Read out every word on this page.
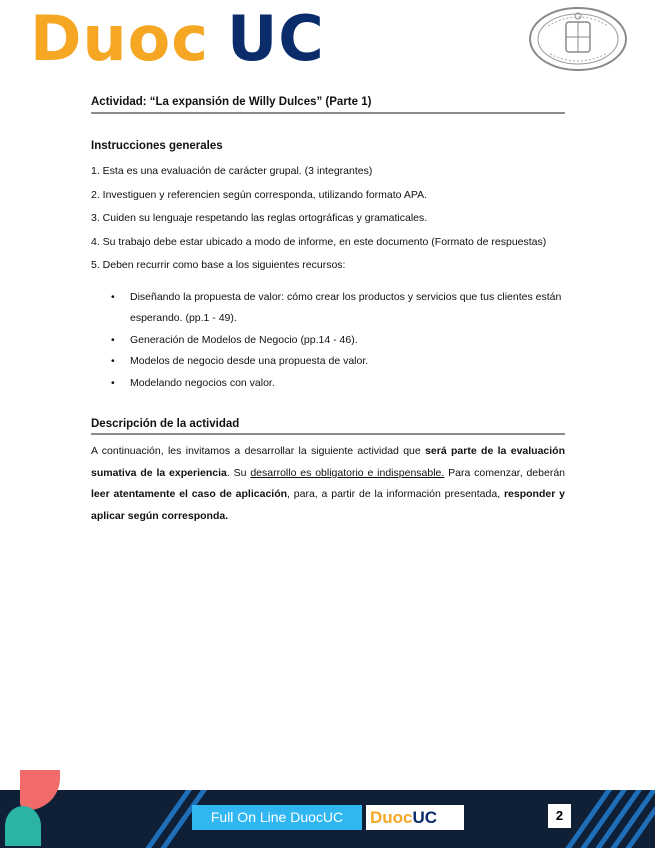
Duoc UC
Actividad: “La expansión de Willy Dulces” (Parte 1)
Instrucciones generales
1. Esta es una evaluación de carácter grupal. (3 integrantes)
2. Investiguen y referencien según corresponda, utilizando formato APA.
3. Cuiden su lenguaje respetando las reglas ortográficas y gramaticales.
4. Su trabajo debe estar ubicado a modo de informe, en este documento (Formato de respuestas)
5. Deben recurrir como base a los siguientes recursos:
• Diseñando la propuesta de valor: cómo crear los productos y servicios que tus clientes están esperando. (pp.1 - 49).
• Generación de Modelos de Negocio (pp.14 - 46).
• Modelos de negocio desde una propuesta de valor.
• Modelando negocios con valor.
Descripción de la actividad
A continuación, les invitamos a desarrollar la siguiente actividad que será parte de la evaluación sumativa de la experiencia. Su desarrollo es obligatorio e indispensable. Para comenzar, deberán leer atentamente el caso de aplicación, para, a partir de la información presentada, responder y aplicar según corresponda.
Full On Line DuocUC	DuocUC	2
